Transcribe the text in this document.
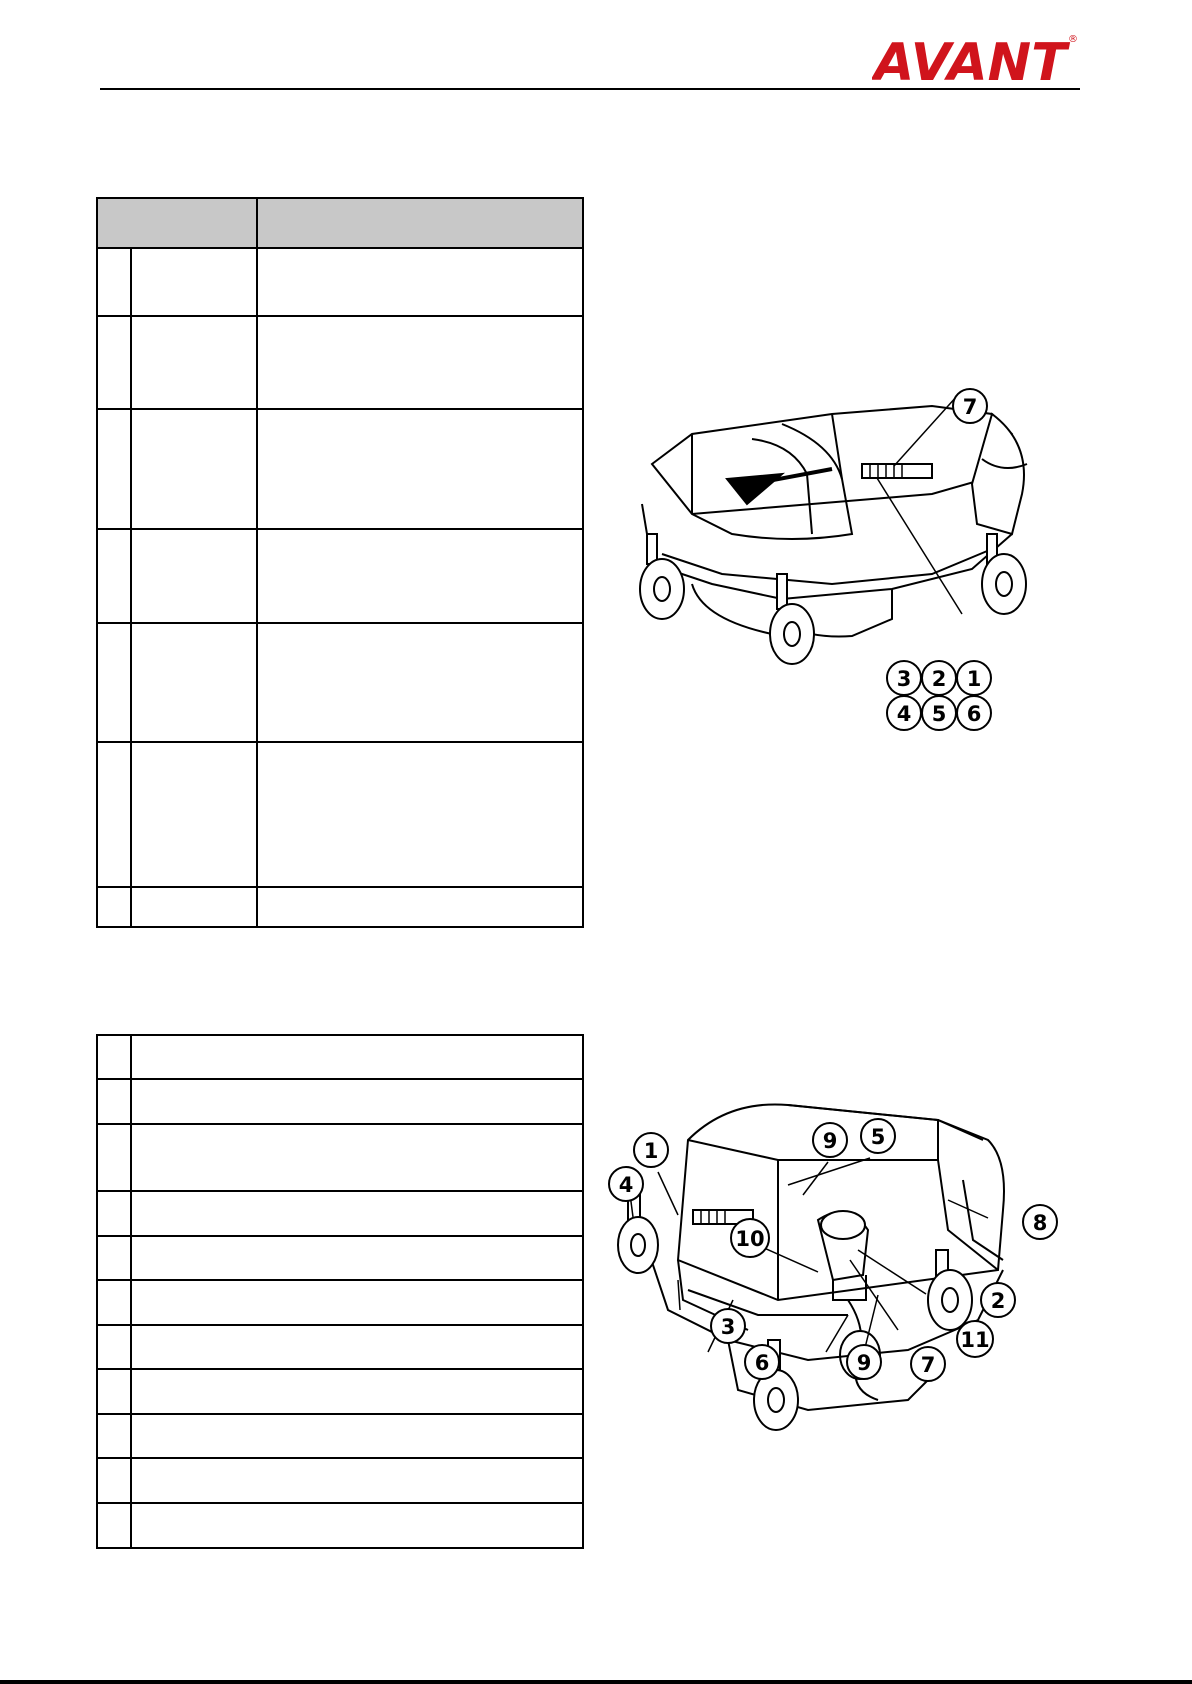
AVANT ®

7
3 2 1
4 5 6
5
1	9
4
8
10
2
3
11
6	9 7
